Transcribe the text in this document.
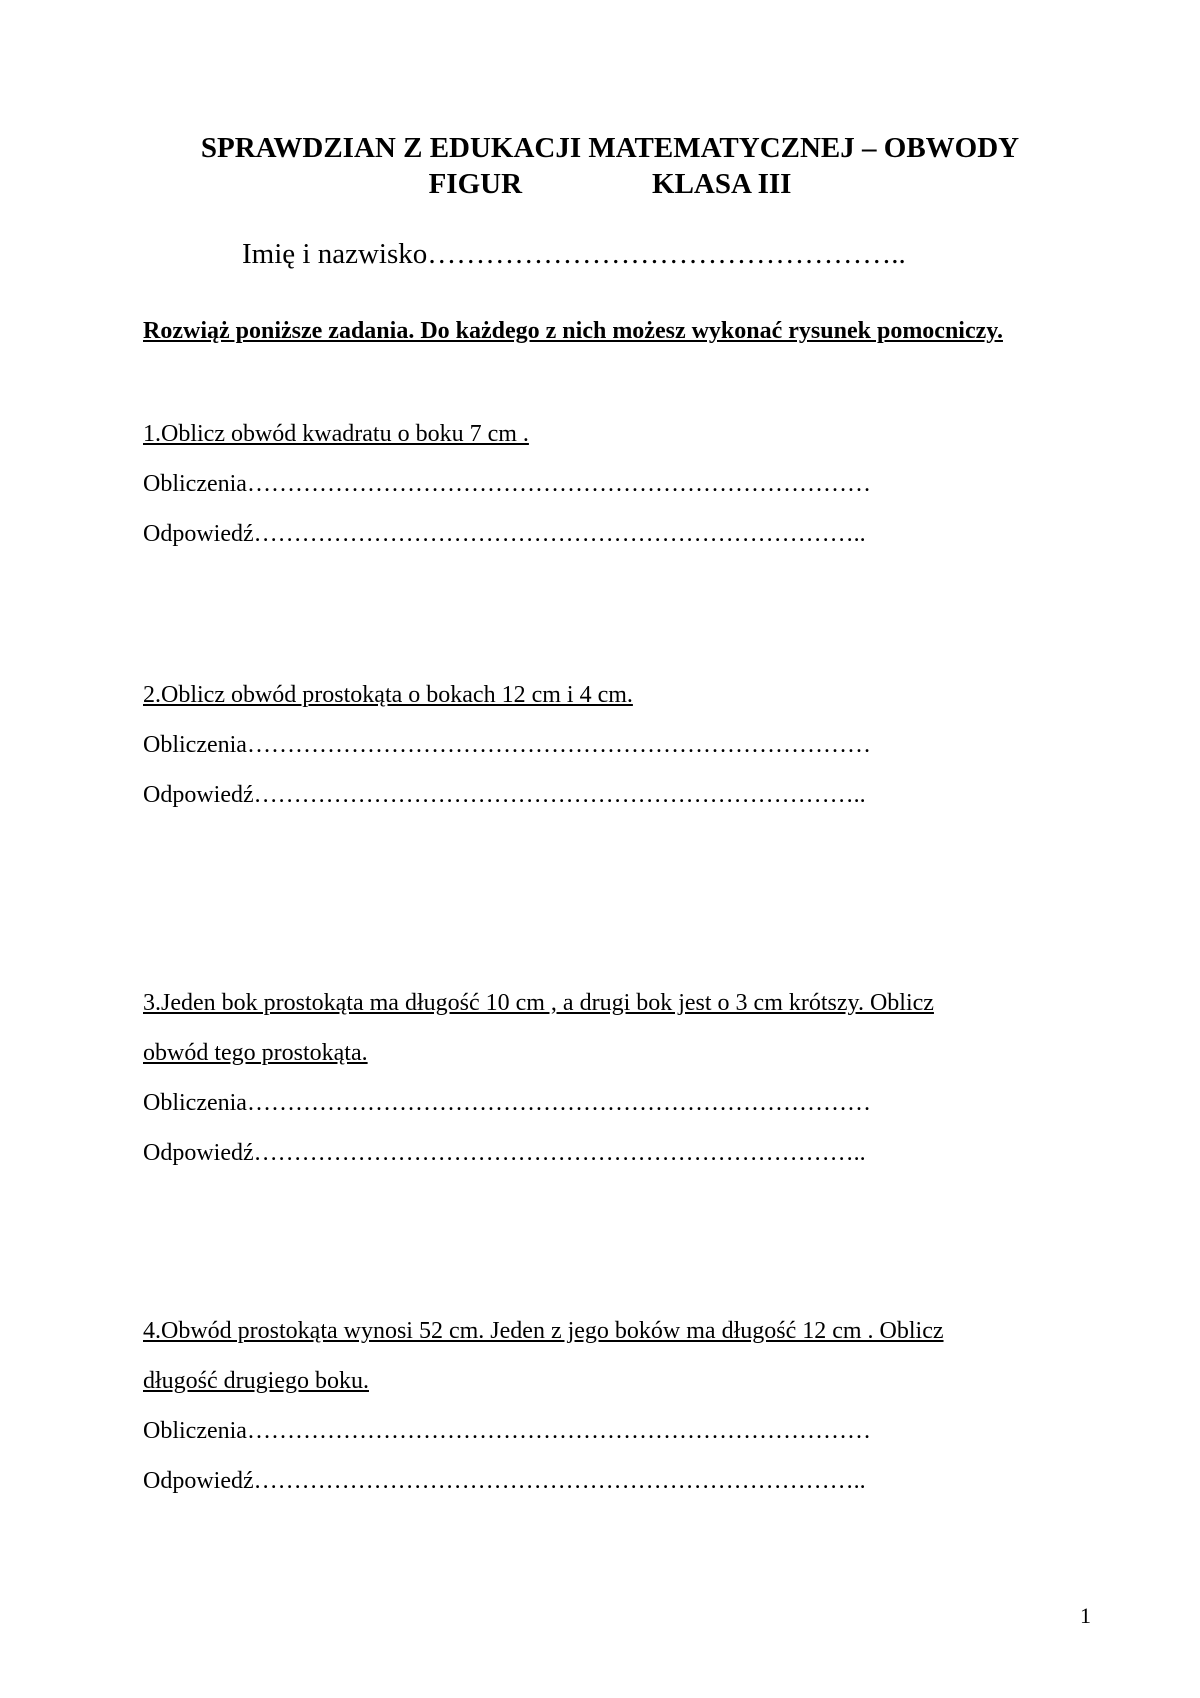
SPRAWDZIAN Z EDUKACJI MATEMATYCZNEJ – OBWODY
FIGUR	KLASA III
Imię i nazwisko…………………………………………..
Rozwiąż poniższe zadania. Do każdego z nich możesz wykonać rysunek pomocniczy.
1.Oblicz obwód kwadratu o boku 7 cm .
Obliczenia……………………………………………………………………
Odpowiedź…………………………………………………………………..
2.Oblicz obwód prostokąta o bokach 12 cm i 4 cm.
Obliczenia……………………………………………………………………
Odpowiedź…………………………………………………………………..
3.Jeden bok prostokąta ma długość 10 cm , a drugi bok jest o 3 cm krótszy. Oblicz
obwód tego prostokąta.
Obliczenia……………………………………………………………………
Odpowiedź…………………………………………………………………..
4.Obwód prostokąta wynosi 52 cm. Jeden z jego boków ma długość 12 cm . Oblicz
długość drugiego boku.
Obliczenia……………………………………………………………………
Odpowiedź…………………………………………………………………..
1
